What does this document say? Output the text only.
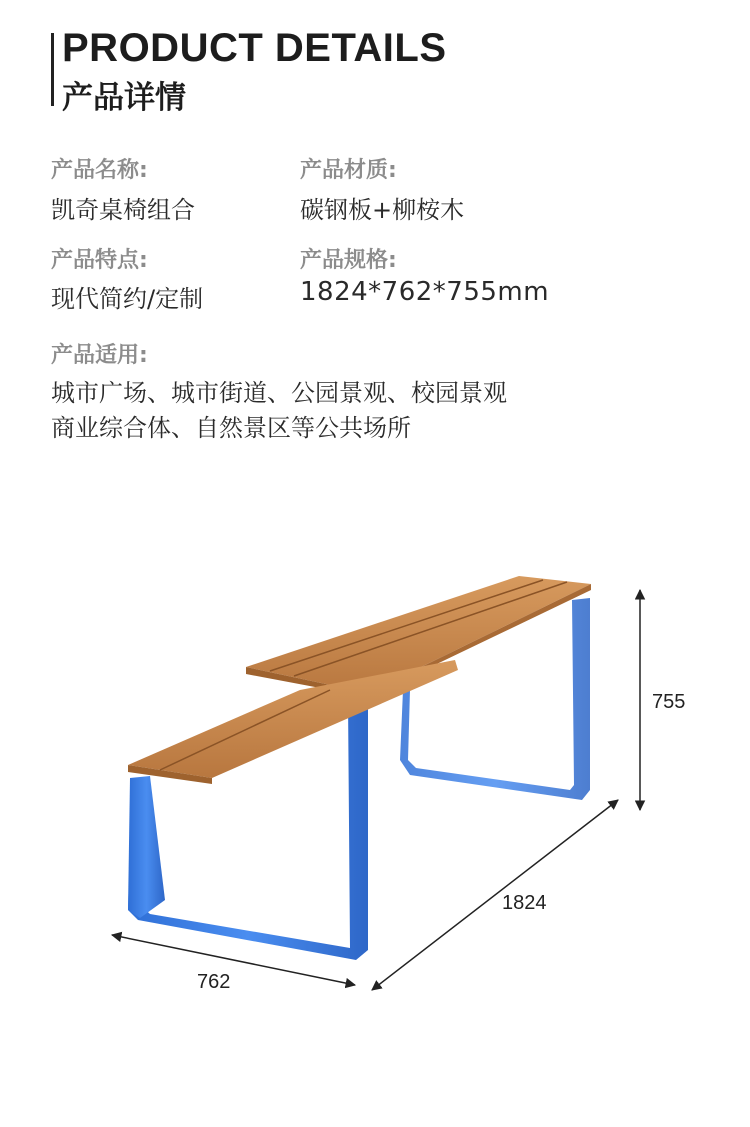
PRODUCT DETAILS
产品详情
产品名称:
凯奇桌椅组合
产品材质:
碳钢板+柳桉木
产品特点:
现代简约/定制
产品规格:
1824*762*755mm
产品适用:
城市广场、城市街道、公园景观、校园景观
商业综合体、自然景区等公共场所
755
1824
762
